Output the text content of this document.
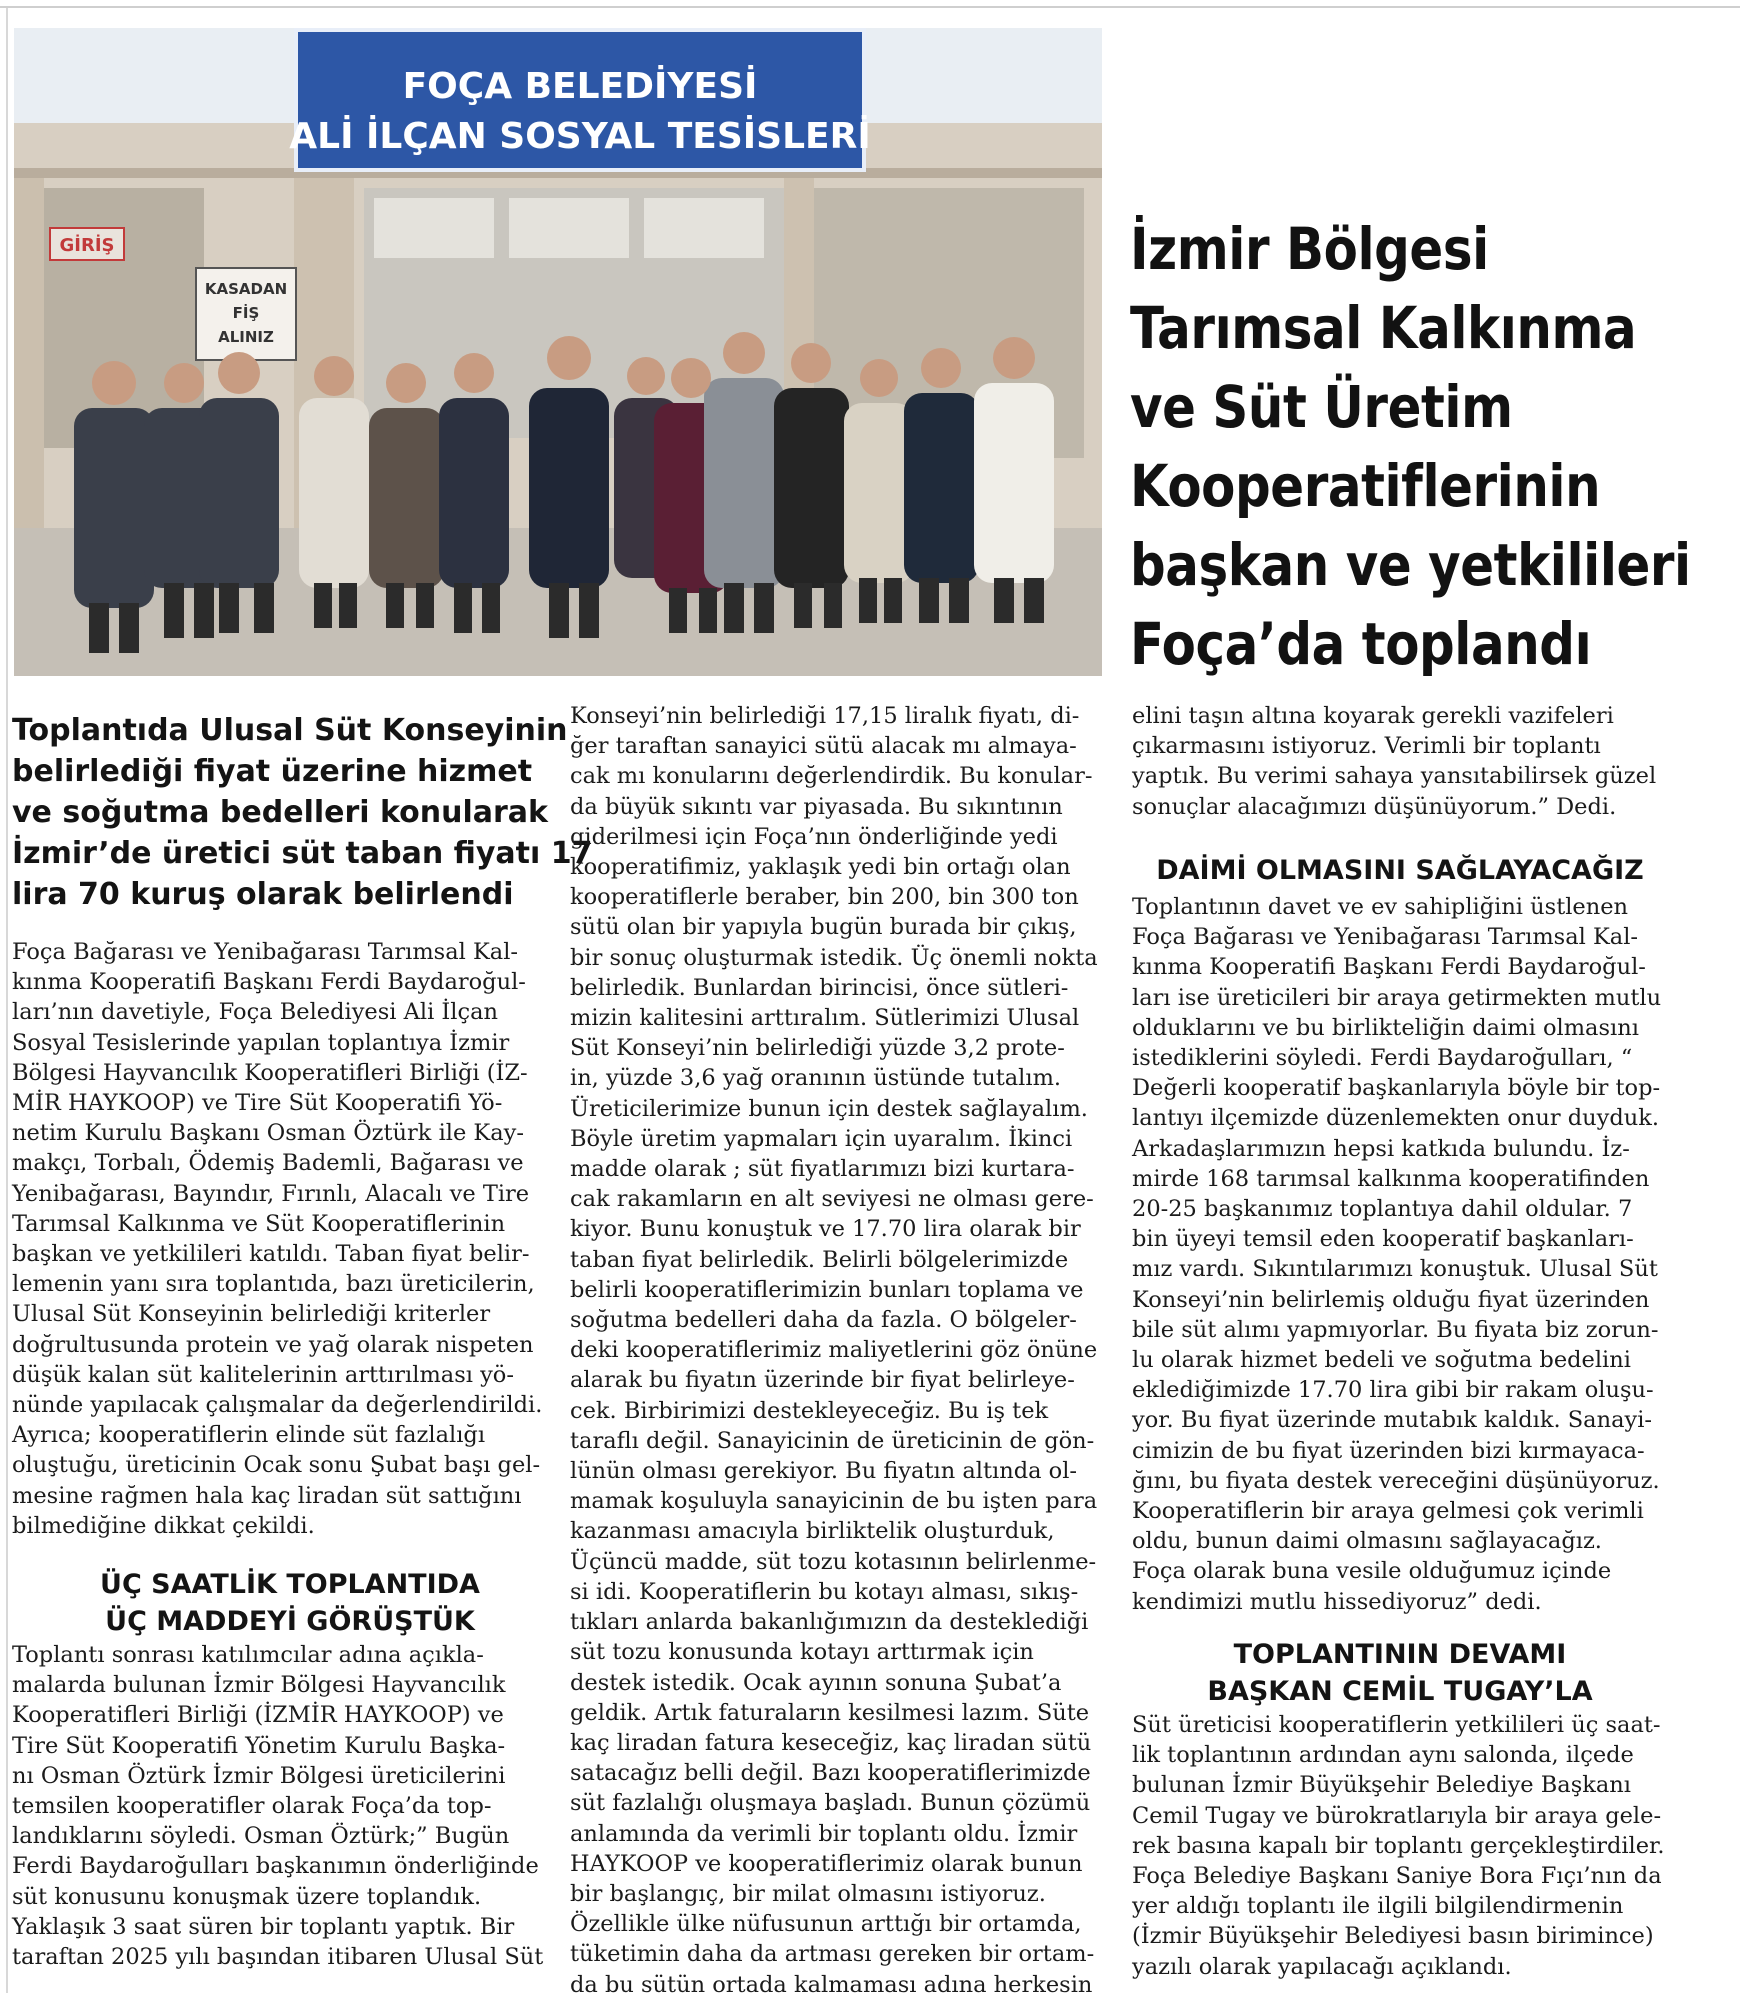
FOÇA BELEDİYESİ
ALİ İLÇAN SOSYAL TESİSLERİ
GİRİŞ
KASADAN
FİŞ
ALINIZ
İzmir Bölgesi
Tarımsal Kalkınma
ve Süt Üretim
Kooperatiflerinin
başkan ve yetkilileri
Foça’da toplandı
Toplantıda Ulusal Süt Konseyinin
belirlediği fiyat üzerine hizmet
ve soğutma bedelleri konularak
İzmir’de üretici süt taban fiyatı 17
lira 70 kuruş olarak belirlendi
Foça Bağarası ve Yenibağarası Tarımsal Kal-
kınma Kooperatifi Başkanı Ferdi Baydaroğul-
ları’nın davetiyle, Foça Belediyesi Ali İlçan
Sosyal Tesislerinde yapılan toplantıya İzmir
Bölgesi Hayvancılık Kooperatifleri Birliği (İZ-
MİR HAYKOOP) ve Tire Süt Kooperatifi Yö-
netim Kurulu Başkanı Osman Öztürk ile Kay-
makçı, Torbalı, Ödemiş Bademli, Bağarası ve
Yenibağarası, Bayındır, Fırınlı, Alacalı ve Tire
Tarımsal Kalkınma ve Süt Kooperatiflerinin
başkan ve yetkilileri katıldı. Taban fiyat belir-
lemenin yanı sıra toplantıda, bazı üreticilerin,
Ulusal Süt Konseyinin belirlediği kriterler
doğrultusunda protein ve yağ olarak nispeten
düşük kalan süt kalitelerinin arttırılması yö-
nünde yapılacak çalışmalar da değerlendirildi.
Ayrıca; kooperatiflerin elinde süt fazlalığı
oluştuğu, üreticinin Ocak sonu Şubat başı gel-
mesine rağmen hala kaç liradan süt sattığını
bilmediğine dikkat çekildi.
ÜÇ SAATLİK TOPLANTIDA
ÜÇ MADDEYİ GÖRÜŞTÜK
Toplantı sonrası katılımcılar adına açıkla-
malarda bulunan İzmir Bölgesi Hayvancılık
Kooperatifleri Birliği (İZMİR HAYKOOP) ve
Tire Süt Kooperatifi Yönetim Kurulu Başka-
nı Osman Öztürk İzmir Bölgesi üreticilerini
temsilen kooperatifler olarak Foça’da top-
landıklarını söyledi. Osman Öztürk;” Bugün
Ferdi Baydaroğulları başkanımın önderliğinde
süt konusunu konuşmak üzere toplandık.
Yaklaşık 3 saat süren bir toplantı yaptık. Bir
taraftan 2025 yılı başından itibaren Ulusal Süt
Konseyi’nin belirlediği 17,15 liralık fiyatı, di-
ğer taraftan sanayici sütü alacak mı almaya-
cak mı konularını değerlendirdik. Bu konular-
da büyük sıkıntı var piyasada. Bu sıkıntının
giderilmesi için Foça’nın önderliğinde yedi
kooperatifimiz, yaklaşık yedi bin ortağı olan
kooperatiflerle beraber, bin 200, bin 300 ton
sütü olan bir yapıyla bugün burada bir çıkış,
bir sonuç oluşturmak istedik. Üç önemli nokta
belirledik. Bunlardan birincisi, önce sütleri-
mizin kalitesini arttıralım. Sütlerimizi Ulusal
Süt Konseyi’nin belirlediği yüzde 3,2 prote-
in, yüzde 3,6 yağ oranının üstünde tutalım.
Üreticilerimize bunun için destek sağlayalım.
Böyle üretim yapmaları için uyaralım. İkinci
madde olarak ; süt fiyatlarımızı bizi kurtara-
cak rakamların en alt seviyesi ne olması gere-
kiyor. Bunu konuştuk ve 17.70 lira olarak bir
taban fiyat belirledik. Belirli bölgelerimizde
belirli kooperatiflerimizin bunları toplama ve
soğutma bedelleri daha da fazla. O bölgeler-
deki kooperatiflerimiz maliyetlerini göz önüne
alarak bu fiyatın üzerinde bir fiyat belirleye-
cek. Birbirimizi destekleyeceğiz. Bu iş tek
taraflı değil. Sanayicinin de üreticinin de gön-
lünün olması gerekiyor. Bu fiyatın altında ol-
mamak koşuluyla sanayicinin de bu işten para
kazanması amacıyla birliktelik oluşturduk,
Üçüncü madde, süt tozu kotasının belirlenme-
si idi. Kooperatiflerin bu kotayı alması, sıkış-
tıkları anlarda bakanlığımızın da desteklediği
süt tozu konusunda kotayı arttırmak için
destek istedik. Ocak ayının sonuna Şubat’a
geldik. Artık faturaların kesilmesi lazım. Süte
kaç liradan fatura keseceğiz, kaç liradan sütü
satacağız belli değil. Bazı kooperatiflerimizde
süt fazlalığı oluşmaya başladı. Bunun çözümü
anlamında da verimli bir toplantı oldu. İzmir
HAYKOOP ve kooperatiflerimiz olarak bunun
bir başlangıç, bir milat olmasını istiyoruz.
Özellikle ülke nüfusunun arttığı bir ortamda,
tüketimin daha da artması gereken bir ortam-
da bu sütün ortada kalmaması adına herkesin
elini taşın altına koyarak gerekli vazifeleri
çıkarmasını istiyoruz. Verimli bir toplantı
yaptık. Bu verimi sahaya yansıtabilirsek güzel
sonuçlar alacağımızı düşünüyorum.” Dedi.
DAİMİ OLMASINI SAĞLAYACAĞIZ
Toplantının davet ve ev sahipliğini üstlenen
Foça Bağarası ve Yenibağarası Tarımsal Kal-
kınma Kooperatifi Başkanı Ferdi Baydaroğul-
ları ise üreticileri bir araya getirmekten mutlu
olduklarını ve bu birlikteliğin daimi olmasını
istediklerini söyledi. Ferdi Baydaroğulları, “
Değerli kooperatif başkanlarıyla böyle bir top-
lantıyı ilçemizde düzenlemekten onur duyduk.
Arkadaşlarımızın hepsi katkıda bulundu. İz-
mirde 168 tarımsal kalkınma kooperatifinden
20-25 başkanımız toplantıya dahil oldular. 7
bin üyeyi temsil eden kooperatif başkanları-
mız vardı. Sıkıntılarımızı konuştuk. Ulusal Süt
Konseyi’nin belirlemiş olduğu fiyat üzerinden
bile süt alımı yapmıyorlar. Bu fiyata biz zorun-
lu olarak hizmet bedeli ve soğutma bedelini
eklediğimizde 17.70 lira gibi bir rakam oluşu-
yor. Bu fiyat üzerinde mutabık kaldık. Sanayi-
cimizin de bu fiyat üzerinden bizi kırmayaca-
ğını, bu fiyata destek vereceğini düşünüyoruz.
Kooperatiflerin bir araya gelmesi çok verimli
oldu, bunun daimi olmasını sağlayacağız.
Foça olarak buna vesile olduğumuz içinde
kendimizi mutlu hissediyoruz” dedi.
TOPLANTININ DEVAMI
BAŞKAN CEMİL TUGAY’LA
Süt üreticisi kooperatiflerin yetkilileri üç saat-
lik toplantının ardından aynı salonda, ilçede
bulunan İzmir Büyükşehir Belediye Başkanı
Cemil Tugay ve bürokratlarıyla bir araya gele-
rek basına kapalı bir toplantı gerçekleştirdiler.
Foça Belediye Başkanı Saniye Bora Fıçı’nın da
yer aldığı toplantı ile ilgili bilgilendirmenin
(İzmir Büyükşehir Belediyesi basın birimince)
yazılı olarak yapılacağı açıklandı.
